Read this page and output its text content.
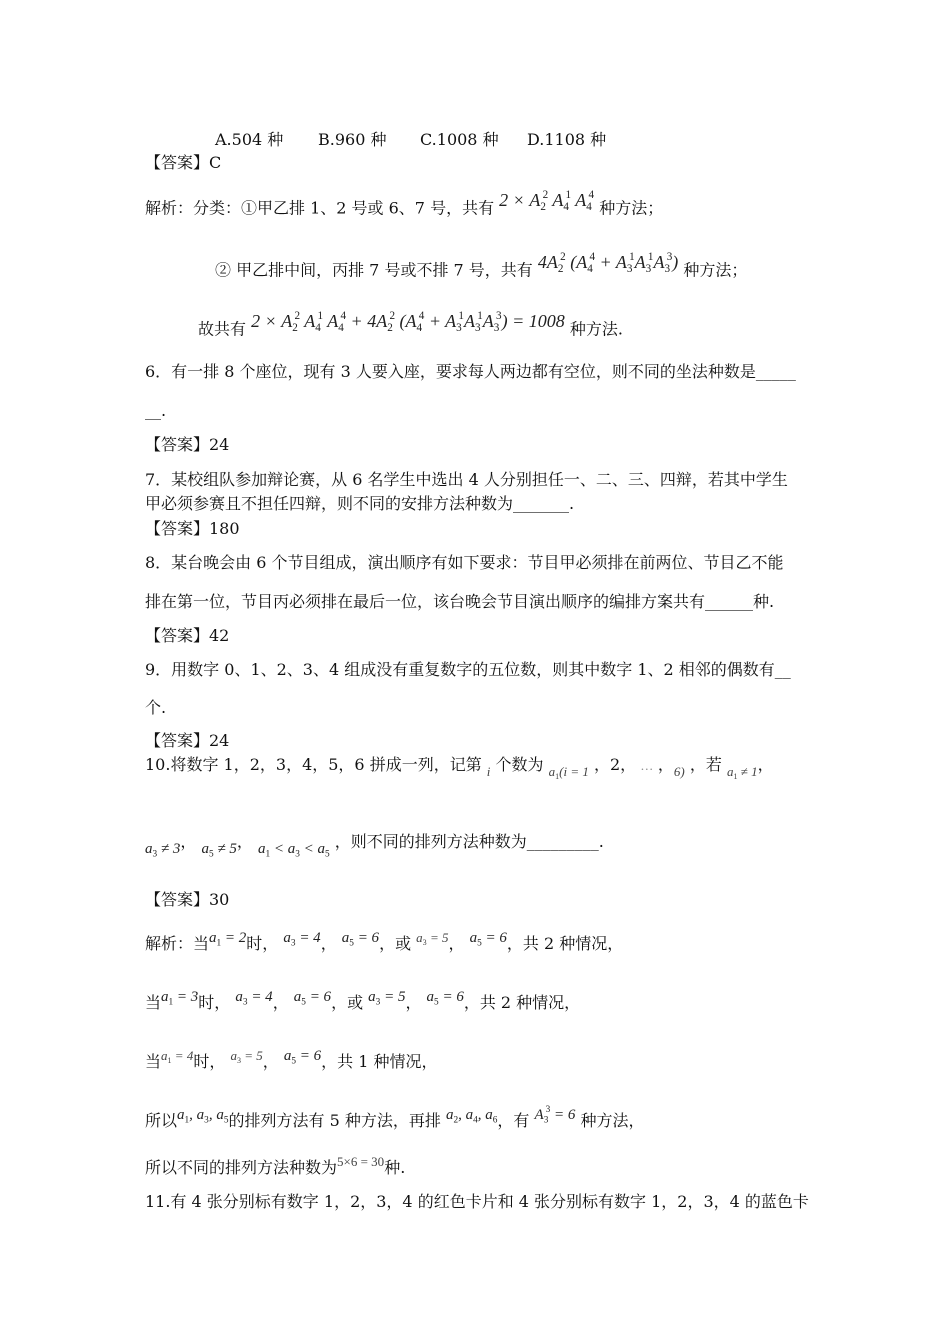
A.504 种 B.960 种 C.1008 种 D.1108 种
【答案】C
解析：分类：①甲乙排 1、2 号或 6、7 号，共有 $2 \times A_2^2$ $A_4^1$ $A_4^4$ 种方法；
② 甲乙排中间，丙排 7 号或不排 7 号，共有 $4A_2^2$ $(A_4^4 + A_3^1A_3^1A_3^3)$ 种方法；
故共有 $2 \times A_2^2$ $A_4^1$ $A_4^4 + 4A_2^2$ $(A_4^4 + A_3^1A_3^1A_3^3) = 1008$ 种方法.
6．有一排 8 个座位，现有 3 人要入座，要求每人两边都有空位，则不同的坐法种数是_____
__.
【答案】24
7．某校组队参加辩论赛，从 6 名学生中选出 4 人分别担任一、二、三、四辩，若其中学生
甲必须参赛且不担任四辩，则不同的安排方法种数为_______.
【答案】180
8．某台晚会由 6 个节目组成，演出顺序有如下要求：节目甲必须排在前两位、节目乙不能
排在第一位，节目丙必须排在最后一位，该台晚会节目演出顺序的编排方案共有______种.
【答案】42
9．用数字 0、1、2、3、4 组成没有重复数字的五位数，则其中数字 1、2 相邻的偶数有__
个.
【答案】24
10.将数字 1，2，3，4，5，6 拼成一列，记第 $_i$ 个数为 $_{a_1(i = 1}$ ，2， … ，$_{6)}$ ，若 $_{a_1 \ne 1}$，
$a_3 \ne 3$， $a_5 \ne 5$， $a_1 < a_3 < a_5$ ，则不同的排列方法种数为_________.
【答案】30
解析：当$a_1 = 2$时， $a_3 = 4$， $a_5 = 6$，或 $^{a_3 = 5}$， $a_5 = 6$，共 2 种情况，
当$a_1 = 3$时， $a_3 = 4$， $a_5 = 6$，或 $a_3 = 5$， $a_5 = 6$，共 2 种情况，
当$^{a_1 = 4}$时， $^{a_3 = 5}$， $a_5 = 6$，共 1 种情况，
所以$a_1$, $a_3$, $a_5$的排列方法有 5 种方法，再排 $a_2$, $a_4$, $a_6$，有 $A_3^3 = 6$ 种方法，
所以不同的排列方法种数为$^{5\times 6 = 30}$种.
11.有 4 张分别标有数字 1，2，3，4 的红色卡片和 4 张分别标有数字 1，2，3，4 的蓝色卡
